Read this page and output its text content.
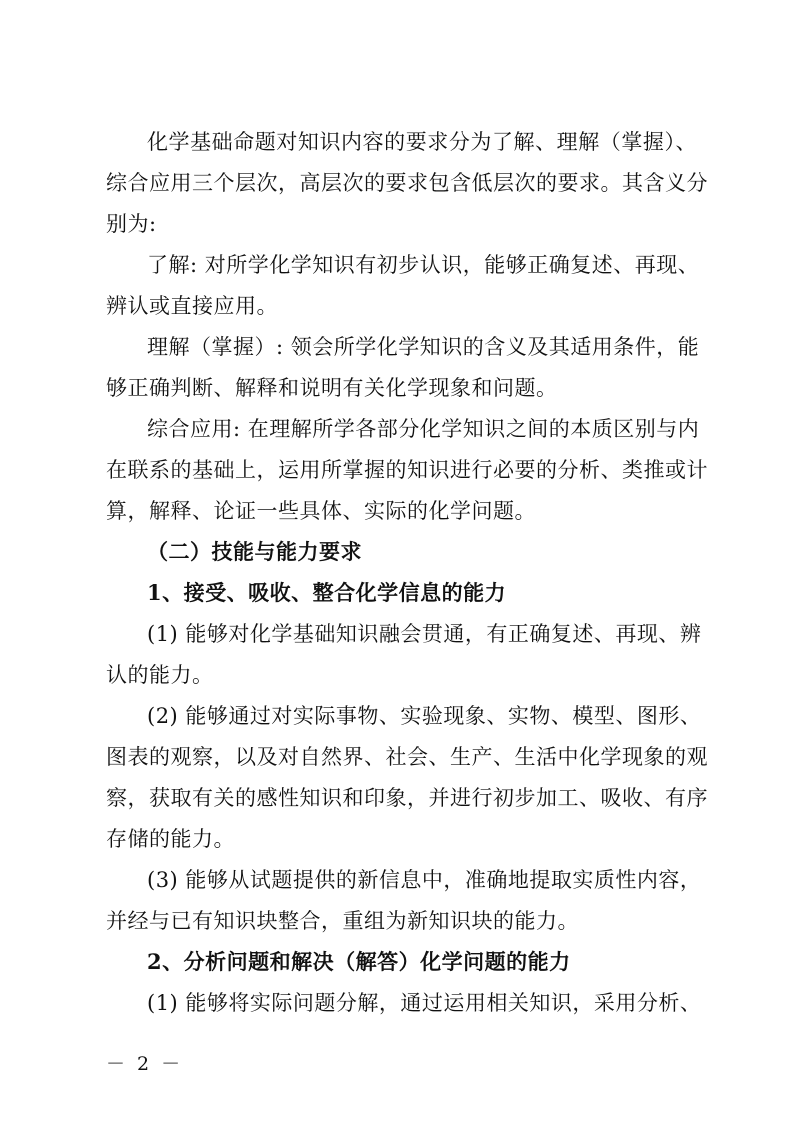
化学基础命题对知识内容的要求分为了解、理解（掌握）、
综合应用三个层次，高层次的要求包含低层次的要求。其含义分
别为:
了解: 对所学化学知识有初步认识，能够正确复述、再现、
辨认或直接应用。
理解（掌握）: 领会所学化学知识的含义及其适用条件，能
够正确判断、解释和说明有关化学现象和问题。
综合应用: 在理解所学各部分化学知识之间的本质区别与内
在联系的基础上，运用所掌握的知识进行必要的分析、类推或计
算，解释、论证一些具体、实际的化学问题。
（二）技能与能力要求
1、接受、吸收、整合化学信息的能力
(1) 能够对化学基础知识融会贯通，有正确复述、再现、辨
认的能力。
(2) 能够通过对实际事物、实验现象、实物、模型、图形、
图表的观察，以及对自然界、社会、生产、生活中化学现象的观
察，获取有关的感性知识和印象，并进行初步加工、吸收、有序
存储的能力。
(3) 能够从试题提供的新信息中，准确地提取实质性内容，
并经与已有知识块整合，重组为新知识块的能力。
2、分析问题和解决（解答）化学问题的能力
(1) 能够将实际问题分解，通过运用相关知识，采用分析、
－ 2 －
